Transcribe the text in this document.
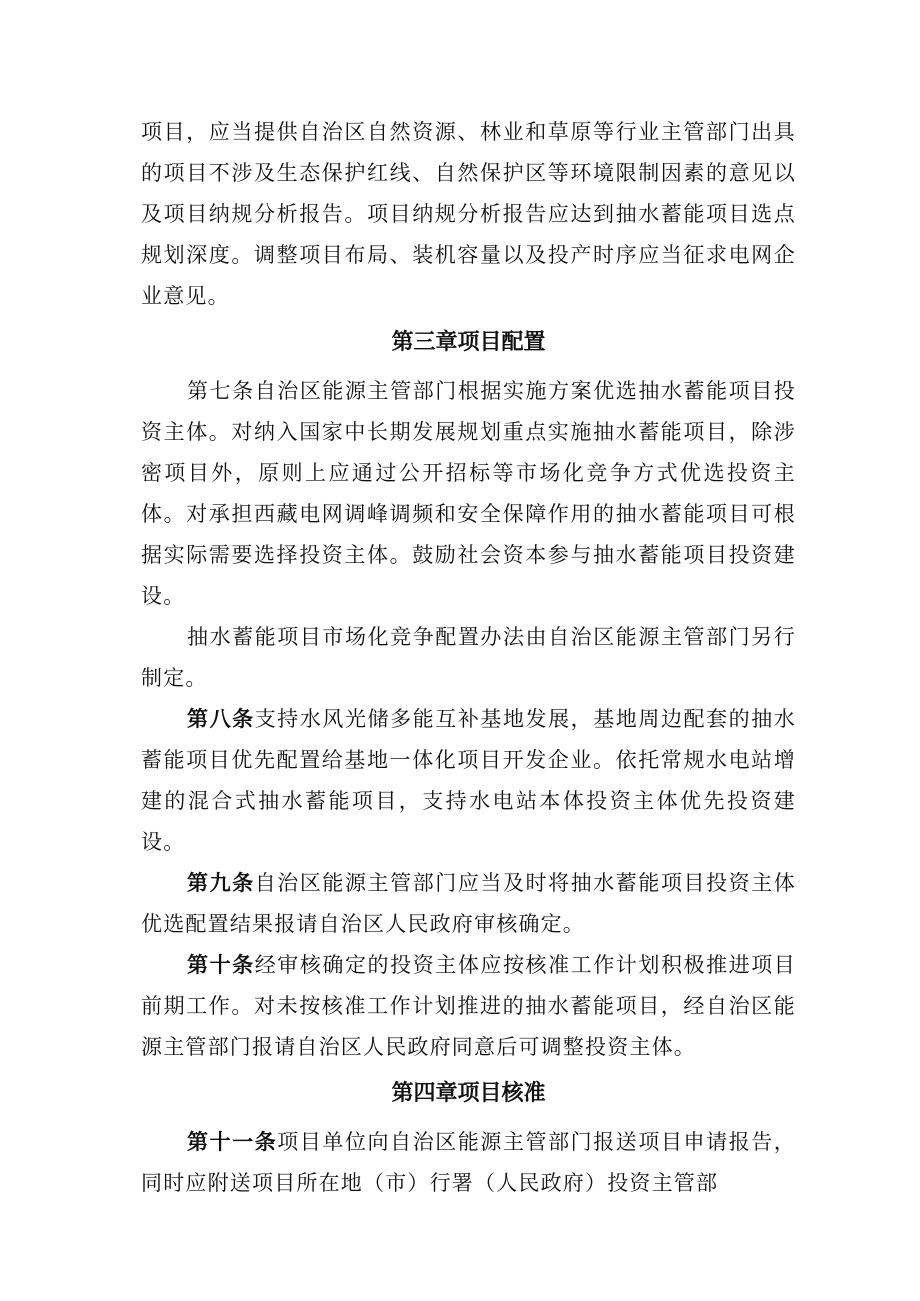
项目，应当提供自治区自然资源、林业和草原等行业主管部门出具的项目不涉及生态保护红线、自然保护区等环境限制因素的意见以及项目纳规分析报告。项目纳规分析报告应达到抽水蓄能项目选点规划深度。调整项目布局、装机容量以及投产时序应当征求电网企业意见。

第三章项目配置

第七条自治区能源主管部门根据实施方案优选抽水蓄能项目投资主体。对纳入国家中长期发展规划重点实施抽水蓄能项目，除涉密项目外，原则上应通过公开招标等市场化竞争方式优选投资主体。对承担西藏电网调峰调频和安全保障作用的抽水蓄能项目可根据实际需要选择投资主体。鼓励社会资本参与抽水蓄能项目投资建设。

抽水蓄能项目市场化竞争配置办法由自治区能源主管部门另行制定。

第八条支持水风光储多能互补基地发展，基地周边配套的抽水蓄能项目优先配置给基地一体化项目开发企业。依托常规水电站增建的混合式抽水蓄能项目，支持水电站本体投资主体优先投资建设。

第九条自治区能源主管部门应当及时将抽水蓄能项目投资主体优选配置结果报请自治区人民政府审核确定。

第十条经审核确定的投资主体应按核准工作计划积极推进项目前期工作。对未按核准工作计划推进的抽水蓄能项目，经自治区能源主管部门报请自治区人民政府同意后可调整投资主体。

第四章项目核准

第十一条项目单位向自治区能源主管部门报送项目申请报告，同时应附送项目所在地（市）行署（人民政府）投资主管部
